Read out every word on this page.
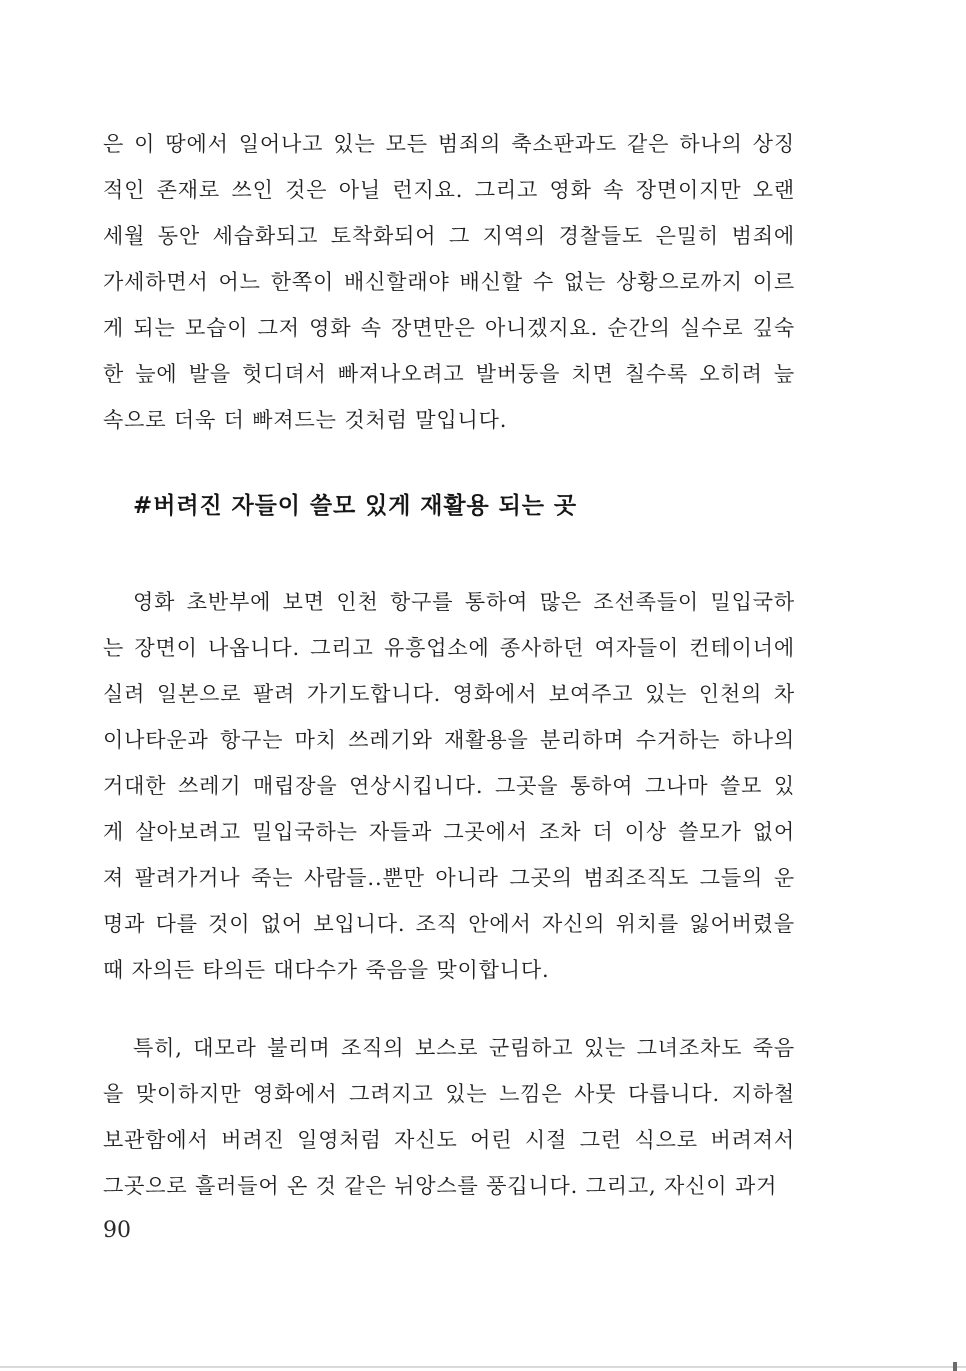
은 이 땅에서 일어나고 있는 모든 범죄의 축소판과도 같은 하나의 상징
적인 존재로 쓰인 것은 아닐 런지요. 그리고 영화 속 장면이지만 오랜
세월 동안 세습화되고 토착화되어 그 지역의 경찰들도 은밀히 범죄에
가세하면서 어느 한쪽이 배신할래야 배신할 수 없는 상황으로까지 이르
게 되는 모습이 그저 영화 속 장면만은 아니겠지요. 순간의 실수로 깊숙
한 늪에 발을 헛디뎌서 빠져나오려고 발버둥을 치면 칠수록 오히려 늪
속으로 더욱 더 빠져드는 것처럼 말입니다.
#버려진 자들이 쓸모 있게 재활용 되는 곳
영화 초반부에 보면 인천 항구를 통하여 많은 조선족들이 밀입국하
는 장면이 나옵니다. 그리고 유흥업소에 종사하던 여자들이 컨테이너에
실려 일본으로 팔려 가기도합니다. 영화에서 보여주고 있는 인천의 차
이나타운과 항구는 마치 쓰레기와 재활용을 분리하며 수거하는 하나의
거대한 쓰레기 매립장을 연상시킵니다. 그곳을 통하여 그나마 쓸모 있
게 살아보려고 밀입국하는 자들과 그곳에서 조차 더 이상 쓸모가 없어
져 팔려가거나 죽는 사람들..뿐만 아니라 그곳의 범죄조직도 그들의 운
명과 다를 것이 없어 보입니다. 조직 안에서 자신의 위치를 잃어버렸을
때 자의든 타의든 대다수가 죽음을 맞이합니다.
특히, 대모라 불리며 조직의 보스로 군림하고 있는 그녀조차도 죽음
을 맞이하지만 영화에서 그려지고 있는 느낌은 사뭇 다릅니다. 지하철
보관함에서 버려진 일영처럼 자신도 어린 시절 그런 식으로 버려져서
그곳으로 흘러들어 온 것 같은 뉘앙스를 풍깁니다. 그리고, 자신이 과거
90
